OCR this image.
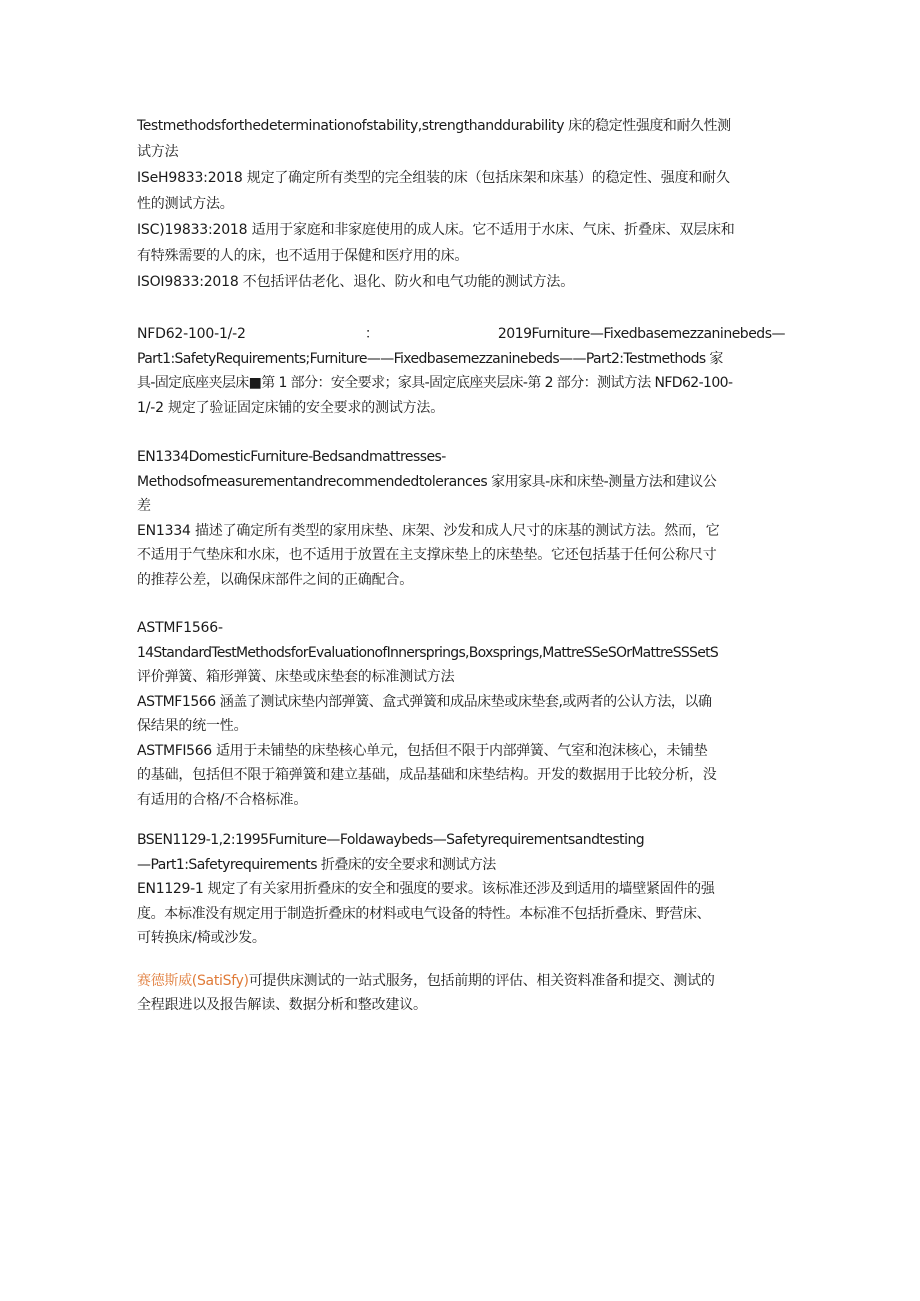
Testmethodsforthedeterminationofstability,strengthanddurability 床的稳定性强度和耐久性测
试方法
ISeH9833:2018 规定了确定所有类型的完全组装的床（包括床架和床基）的稳定性、强度和耐久
性的测试方法。
ISC)19833:2018 适用于家庭和非家庭使用的成人床。它不适用于水床、气床、折叠床、双层床和
有特殊需要的人的床，也不适用于保健和医疗用的床。
ISOI9833:2018 不包括评估老化、退化、防火和电气功能的测试方法。
NFD62-100-1/-2	：	2019Furniture—Fixedbasemezzaninebeds—
Part1:SafetyRequirements;Furniture——Fixedbasemezzaninebeds——Part2:Testmethods 家
具-固定底座夹层床■第 1 部分：安全要求；家具-固定底座夹层床-第 2 部分：测试方法 NFD62-100-
1/-2 规定了验证固定床铺的安全要求的测试方法。
EN1334DomesticFurniture-Bedsandmattresses-
Methodsofmeasurementandrecommendedtolerances 家用家具-床和床垫-测量方法和建议公
差
EN1334 描述了确定所有类型的家用床垫、床架、沙发和成人尺寸的床基的测试方法。然而，它
不适用于气垫床和水床，也不适用于放置在主支撑床垫上的床垫垫。它还包括基于任何公称尺寸
的推荐公差，以确保床部件之间的正确配合。
ASTMF1566-
14StandardTestMethodsforEvaluationofInnersprings,Boxsprings,MattreSSeSOrMattreSSSetS
评价弹簧、箱形弹簧、床垫或床垫套的标准测试方法
ASTMF1566 涵盖了测试床垫内部弹簧、盒式弹簧和成品床垫或床垫套,或两者的公认方法，以确
保结果的统一性。
ASTMFI566 适用于未铺垫的床垫核心单元，包括但不限于内部弹簧、气室和泡沫核心，未铺垫
的基础，包括但不限于箱弹簧和建立基础，成品基础和床垫结构。开发的数据用于比较分析，没
有适用的合格/不合格标准。
BSEN1129-1,2:1995Furniture—Foldawaybeds—Safetyrequirementsandtesting
—Part1:Safetyrequirements 折叠床的安全要求和测试方法
EN1129-1 规定了有关家用折叠床的安全和强度的要求。该标准还涉及到适用的墙壁紧固件的强
度。本标准没有规定用于制造折叠床的材料或电气设备的特性。本标准不包括折叠床、野营床、
可转换床/椅或沙发。
赛德斯威(SatiSfy)可提供床测试的一站式服务，包括前期的评估、相关资料准备和提交、测试的
全程跟进以及报告解读、数据分析和整改建议。
